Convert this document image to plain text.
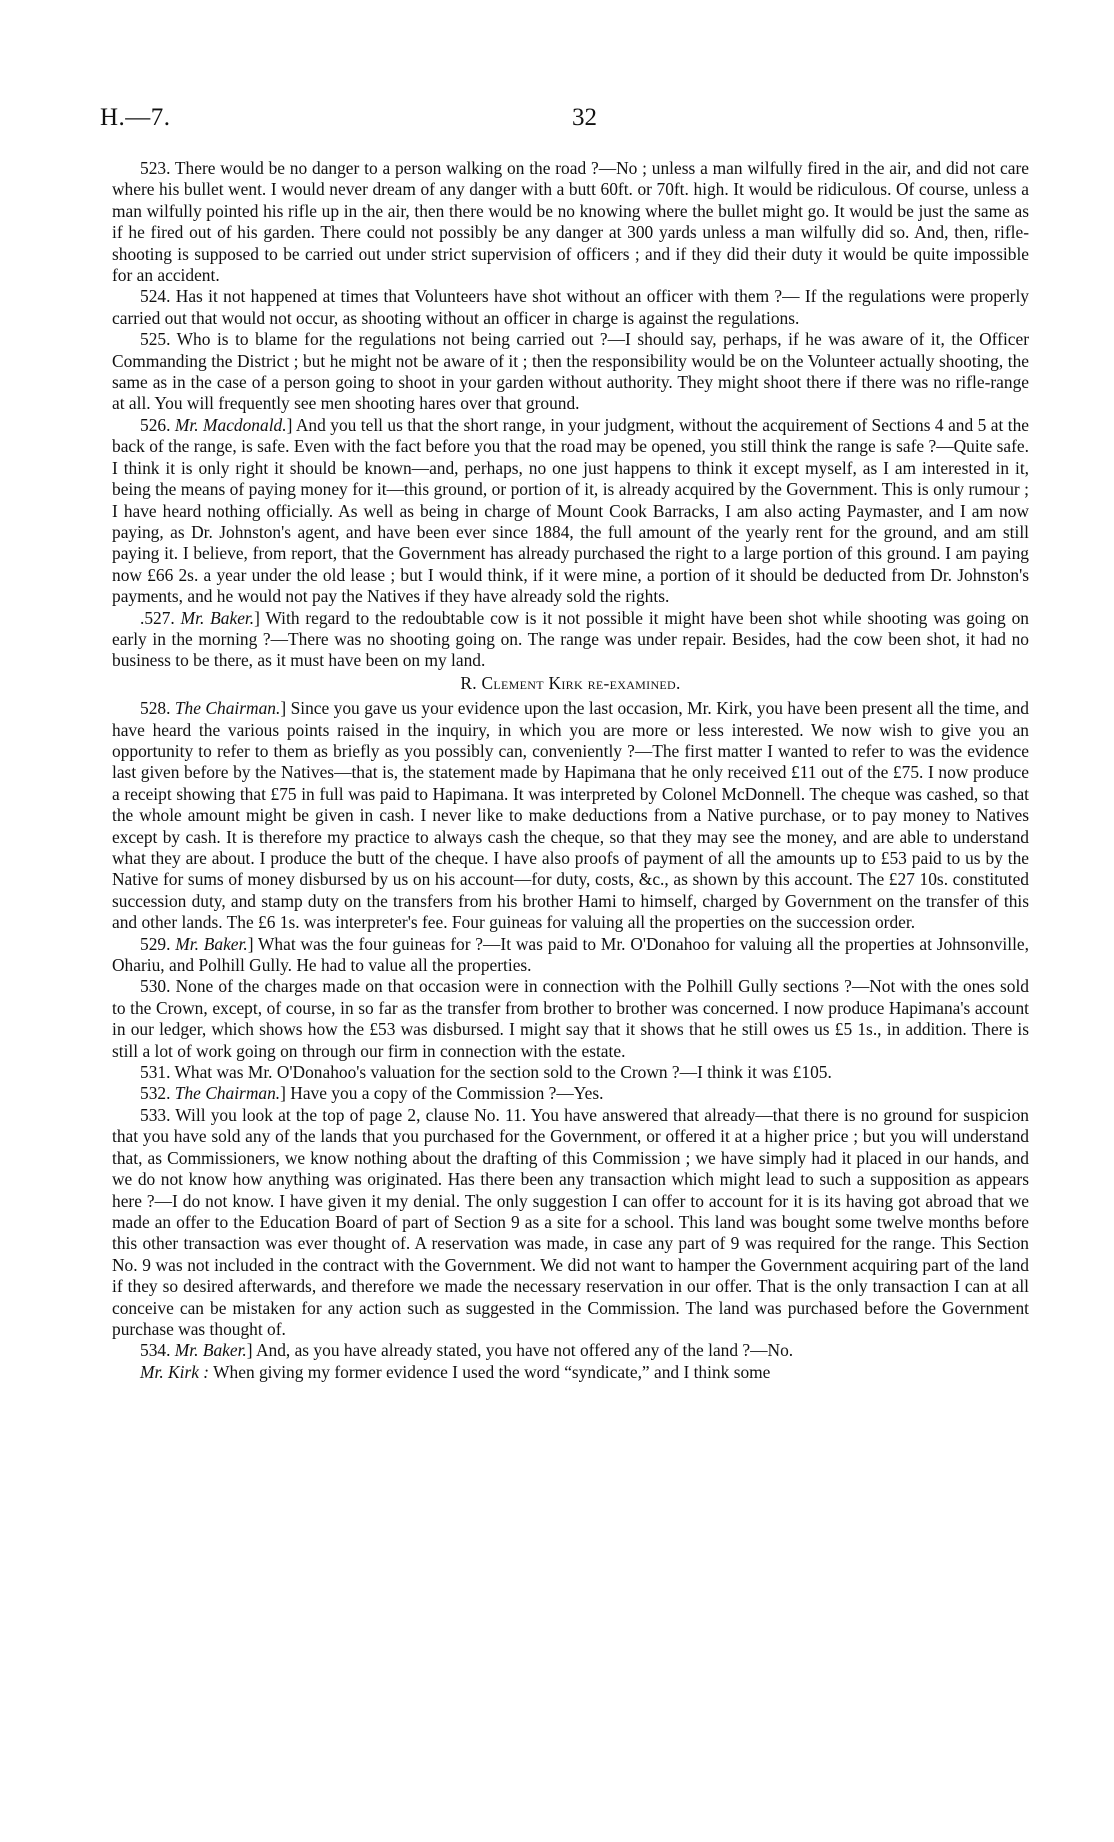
H.—7.	32

523. There would be no danger to a person walking on the road ?—No ; unless a man wilfully fired in the air, and did not care where his bullet went. I would never dream of any danger with a butt 60ft. or 70ft. high. It would be ridiculous. Of course, unless a man wilfully pointed his rifle up in the air, then there would be no knowing where the bullet might go. It would be just the same as if he fired out of his garden. There could not possibly be any danger at 300 yards unless a man wilfully did so. And, then, rifle-shooting is supposed to be carried out under strict supervision of officers ; and if they did their duty it would be quite impossible for an accident.

524. Has it not happened at times that Volunteers have shot without an officer with them ?— If the regulations were properly carried out that would not occur, as shooting without an officer in charge is against the regulations.

525. Who is to blame for the regulations not being carried out ?—I should say, perhaps, if he was aware of it, the Officer Commanding the District ; but he might not be aware of it ; then the responsibility would be on the Volunteer actually shooting, the same as in the case of a person going to shoot in your garden without authority. They might shoot there if there was no rifle-range at all. You will frequently see men shooting hares over that ground.

526. Mr. Macdonald.] And you tell us that the short range, in your judgment, without the acquirement of Sections 4 and 5 at the back of the range, is safe. Even with the fact before you that the road may be opened, you still think the range is safe ?—Quite safe. I think it is only right it should be known—and, perhaps, no one just happens to think it except myself, as I am interested in it, being the means of paying money for it—this ground, or portion of it, is already acquired by the Government. This is only rumour ; I have heard nothing officially. As well as being in charge of Mount Cook Barracks, I am also acting Paymaster, and I am now paying, as Dr. Johnston's agent, and have been ever since 1884, the full amount of the yearly rent for the ground, and am still paying it. I believe, from report, that the Government has already purchased the right to a large portion of this ground. I am paying now £66 2s. a year under the old lease ; but I would think, if it were mine, a portion of it should be deducted from Dr. Johnston's payments, and he would not pay the Natives if they have already sold the rights.

.527. Mr. Baker.] With regard to the redoubtable cow is it not possible it might have been shot while shooting was going on early in the morning ?—There was no shooting going on. The range was under repair. Besides, had the cow been shot, it had no business to be there, as it must have been on my land.

R. Clement Kirk re-examined.

528. The Chairman.] Since you gave us your evidence upon the last occasion, Mr. Kirk, you have been present all the time, and have heard the various points raised in the inquiry, in which you are more or less interested. We now wish to give you an opportunity to refer to them as briefly as you possibly can, conveniently ?—The first matter I wanted to refer to was the evidence last given before by the Natives—that is, the statement made by Hapimana that he only received £11 out of the £75. I now produce a receipt showing that £75 in full was paid to Hapimana. It was interpreted by Colonel McDonnell. The cheque was cashed, so that the whole amount might be given in cash. I never like to make deductions from a Native purchase, or to pay money to Natives except by cash. It is therefore my practice to always cash the cheque, so that they may see the money, and are able to understand what they are about. I produce the butt of the cheque. I have also proofs of payment of all the amounts up to £53 paid to us by the Native for sums of money disbursed by us on his account—for duty, costs, &c., as shown by this account. The £27 10s. constituted succession duty, and stamp duty on the transfers from his brother Hami to himself, charged by Government on the transfer of this and other lands. The £6 1s. was interpreter's fee. Four guineas for valuing all the properties on the succession order.

529. Mr. Baker.] What was the four guineas for ?—It was paid to Mr. O'Donahoo for valuing all the properties at Johnsonville, Ohariu, and Polhill Gully. He had to value all the properties.

530. None of the charges made on that occasion were in connection with the Polhill Gully sections ?—Not with the ones sold to the Crown, except, of course, in so far as the transfer from brother to brother was concerned. I now produce Hapimana's account in our ledger, which shows how the £53 was disbursed. I might say that it shows that he still owes us £5 1s., in addition. There is still a lot of work going on through our firm in connection with the estate.

531. What was Mr. O'Donahoo's valuation for the section sold to the Crown ?—I think it was £105.

532. The Chairman.] Have you a copy of the Commission ?—Yes.

533. Will you look at the top of page 2, clause No. 11. You have answered that already—that there is no ground for suspicion that you have sold any of the lands that you purchased for the Government, or offered it at a higher price ; but you will understand that, as Commissioners, we know nothing about the drafting of this Commission ; we have simply had it placed in our hands, and we do not know how anything was originated. Has there been any transaction which might lead to such a supposition as appears here ?—I do not know. I have given it my denial. The only suggestion I can offer to account for it is its having got abroad that we made an offer to the Education Board of part of Section 9 as a site for a school. This land was bought some twelve months before this other transaction was ever thought of. A reservation was made, in case any part of 9 was required for the range. This Section No. 9 was not included in the contract with the Government. We did not want to hamper the Government acquiring part of the land if they so desired afterwards, and therefore we made the necessary reservation in our offer. That is the only transaction I can at all conceive can be mistaken for any action such as suggested in the Commission. The land was purchased before the Government purchase was thought of.

534. Mr. Baker.] And, as you have already stated, you have not offered any of the land ?—No.

Mr. Kirk : When giving my former evidence I used the word “syndicate,” and I think some
